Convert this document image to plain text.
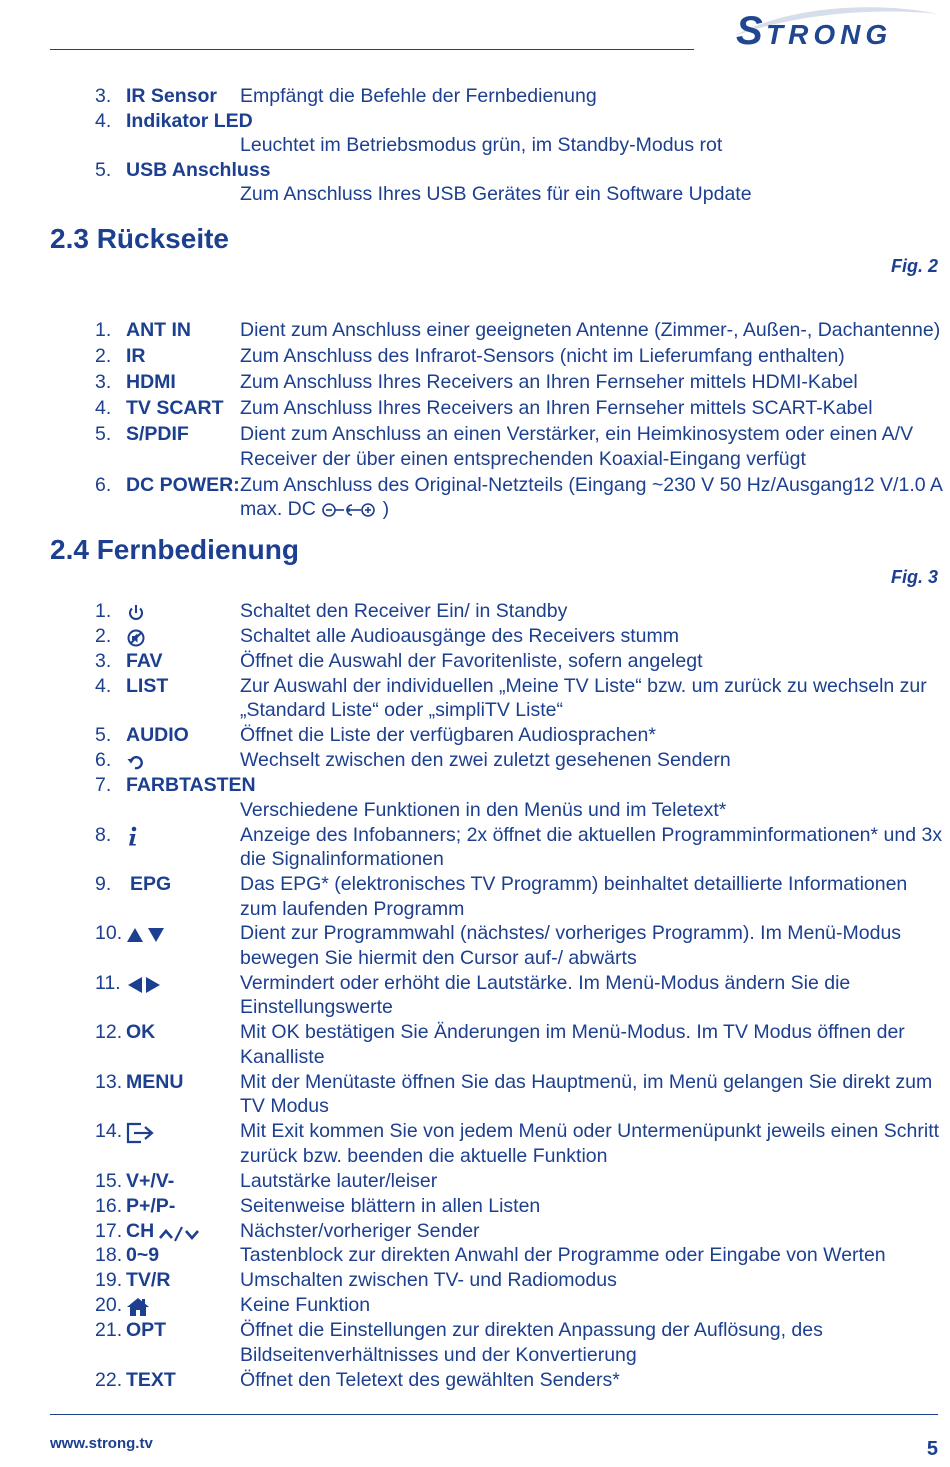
S TRONG
3. IR Sensor Empfängt die Befehle der Fernbedienung
4. Indikator LED
Leuchtet im Betriebsmodus grün, im Standby-Modus rot
5. USB Anschluss
Zum Anschluss Ihres USB Gerätes für ein Software Update
2.3 Rückseite
Fig. 2
1. ANT IN	Dient zum Anschluss einer geeigneten Antenne (Zimmer-, Außen-, Dachantenne)
2. IR	Zum Anschluss des Infrarot-Sensors (nicht im Lieferumfang enthalten)
3. HDMI	Zum Anschluss Ihres Receivers an Ihren Fernseher mittels HDMI-Kabel
4. TV SCART Zum Anschluss Ihres Receivers an Ihren Fernseher mittels SCART-Kabel
5. S/PDIF	Dient zum Anschluss an einen Verstärker, ein Heimkinosystem oder einen A/V Receiver der über einen entsprechenden Koaxial-Eingang verfügt
6. DC POWER: Zum Anschluss des Original-Netzteils (Eingang ~230 V 50 Hz/Ausgang12 V/1.0 A max. DC	)
2.4 Fernbedienung
Fig. 3
1.	Schaltet den Receiver Ein/ in Standby
2.	Schaltet alle Audioausgänge des Receivers stumm
3. FAV	Öffnet die Auswahl der Favoritenliste, sofern angelegt
4. LIST	Zur Auswahl der individuellen „Meine TV Liste“ bzw. um zurück zu wechseln zur „Standard Liste“ oder „simpliTV Liste“
5. AUDIO	Öffnet die Liste der verfügbaren Audiosprachen*
6.	Wechselt zwischen den zwei zuletzt gesehenen Sendern
7. FARBTASTEN
Verschiedene Funktionen in den Menüs und im Teletext*
8.	Anzeige des Infobanners; 2x öffnet die aktuellen Programminformationen* und 3x die Signalinformationen
9. EPG	Das EPG* (elektronisches TV Programm) beinhaltet detaillierte Informationen zum laufenden Programm
10.	Dient zur Programmwahl (nächstes/ vorheriges Programm). Im Menü-Modus bewegen Sie hiermit den Cursor auf-/ abwärts
11.	Vermindert oder erhöht die Lautstärke. Im Menü-Modus ändern Sie die Einstellungswerte
12. OK	Mit OK bestätigen Sie Änderungen im Menü-Modus. Im TV Modus öffnen der Kanalliste
13. MENU	Mit der Menütaste öffnen Sie das Hauptmenü, im Menü gelangen Sie direkt zum TV Modus
14.	Mit Exit kommen Sie von jedem Menü oder Untermenüpunkt jeweils einen Schritt zurück bzw. beenden die aktuelle Funktion
15. V+/V-	Lautstärke lauter/leiser
16. P+/P-	Seitenweise blättern in allen Listen
17. CH	Nächster/vorheriger Sender
18. 0~9	Tastenblock zur direkten Anwahl der Programme oder Eingabe von Werten
19. TV/R	Umschalten zwischen TV- und Radiomodus
20.	Keine Funktion
21. OPT	Öffnet die Einstellungen zur direkten Anpassung der Auflösung, des Bildseitenverhältnisses und der Konvertierung
22. TEXT	Öffnet den Teletext des gewählten Senders*
www.strong.tv	5
